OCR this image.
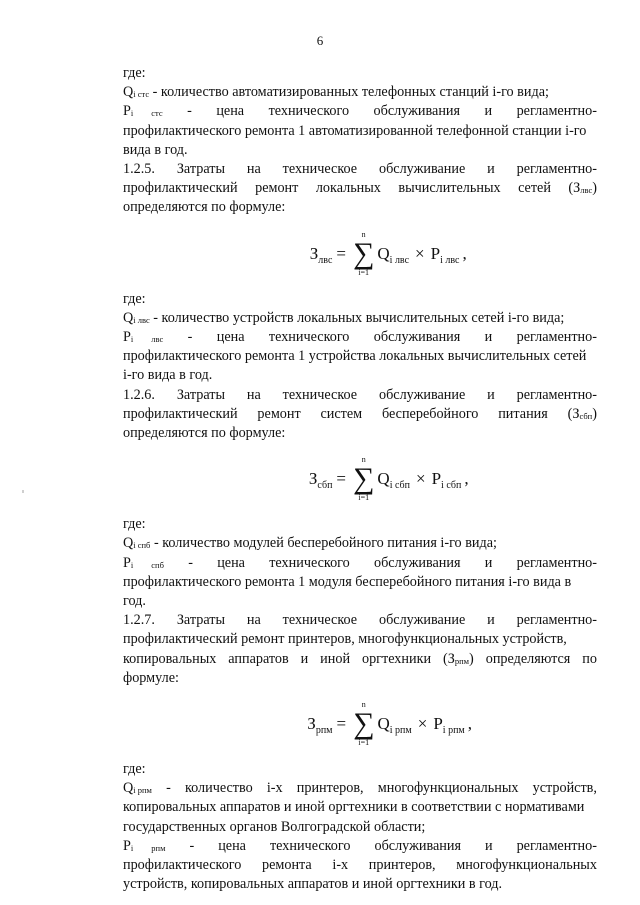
6
где:
$Q_{i стс}$ - количество автоматизированных телефонных станций i-го вида;
$P_i$ $_{стс}$ - цена технического обслуживания и регламентно-
профилактического ремонта 1 автоматизированной телефонной станции i-го
вида в год.
1.2.5. Затраты на техническое обслуживание и регламентно-
профилактический ремонт локальных вычислительных сетей $(З_{лвс})$
определяются по формуле:
$З_{лвс}$ =
n
∑
i=1
$Q_{i лвс} \times P_{i лвс}$ ,
где:
$Q_{i лвс}$ - количество устройств локальных вычислительных сетей i-го вида;
$P_i$ $_{лвс}$ - цена технического обслуживания и регламентно-
профилактического ремонта 1 устройства локальных вычислительных сетей
i-го вида в год.
1.2.6. Затраты на техническое обслуживание и регламентно-
профилактический ремонт систем бесперебойного питания $(З_{сбп})$
определяются по формуле:
$З_{сбп}$ =
n
∑
i=1
$Q_{i сбп} \times P_{i сбп}$ ,
где:
$Q_{i спб}$ - количество модулей бесперебойного питания i-го вида;
$P_i$ $_{спб}$ - цена технического обслуживания и регламентно-
профилактического ремонта 1 модуля бесперебойного питания i-го вида в
год.
1.2.7. Затраты на техническое обслуживание и регламентно-
профилактический ремонт принтеров, многофункциональных устройств,
копировальных аппаратов и иной оргтехники $(З_{рпм})$ определяются по
формуле:
$З_{рпм}$ =
n
∑
i=1
$Q_{i рпм} \times P_{i рпм}$ ,
где:
$Q_{i рпм}$ - количество i-х принтеров, многофункциональных устройств,
копировальных аппаратов и иной оргтехники в соответствии с нормативами
государственных органов Волгоградской области;
$P_i$ $_{рпм}$ - цена технического обслуживания и регламентно-
профилактического ремонта i-х принтеров, многофункциональных
устройств, копировальных аппаратов и иной оргтехники в год.
